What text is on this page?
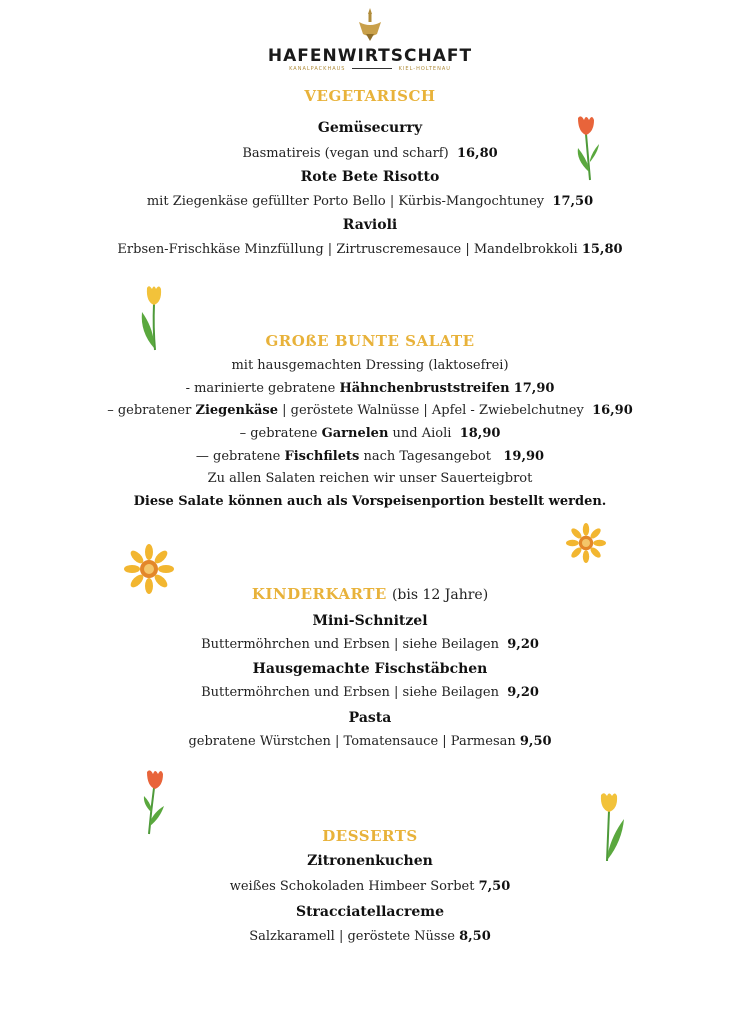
HAFENWIRTSCHAFT
KANALPACKHAUS	KIEL-HOLTENAU
VEGETARISCH
Gemüsecurry
Basmatireis (vegan und scharf) 16,80
Rote Bete Risotto
mit Ziegenkäse gefüllter Porto Bello | Kürbis-Mangochtuney 17,50
Ravioli
Erbsen-Frischkäse Minzfüllung | Zirtruscremesauce | Mandelbrokkoli 15,80
GROßE BUNTE SALATE
mit hausgemachten Dressing (laktosefrei)
- marinierte gebratene Hähnchenbruststreifen 17,90
– gebratener Ziegenkäse | geröstete Walnüsse | Apfel - Zwiebelchutney 16,90
– gebratene Garnelen und Aioli 18,90
— gebratene Fischfilets nach Tagesangebot 19,90
Zu allen Salaten reichen wir unser Sauerteigbrot
Diese Salate können auch als Vorspeisenportion bestellt werden.
KINDERKARTE (bis 12 Jahre)
Mini-Schnitzel
Buttermöhrchen und Erbsen | siehe Beilagen 9,20
Hausgemachte Fischstäbchen
Buttermöhrchen und Erbsen | siehe Beilagen 9,20
Pasta
gebratene Würstchen | Tomatensauce | Parmesan 9,50
DESSERTS
Zitronenkuchen
weißes Schokoladen Himbeer Sorbet 7,50
Stracciatellacreme
Salzkaramell | geröstete Nüsse 8,50
